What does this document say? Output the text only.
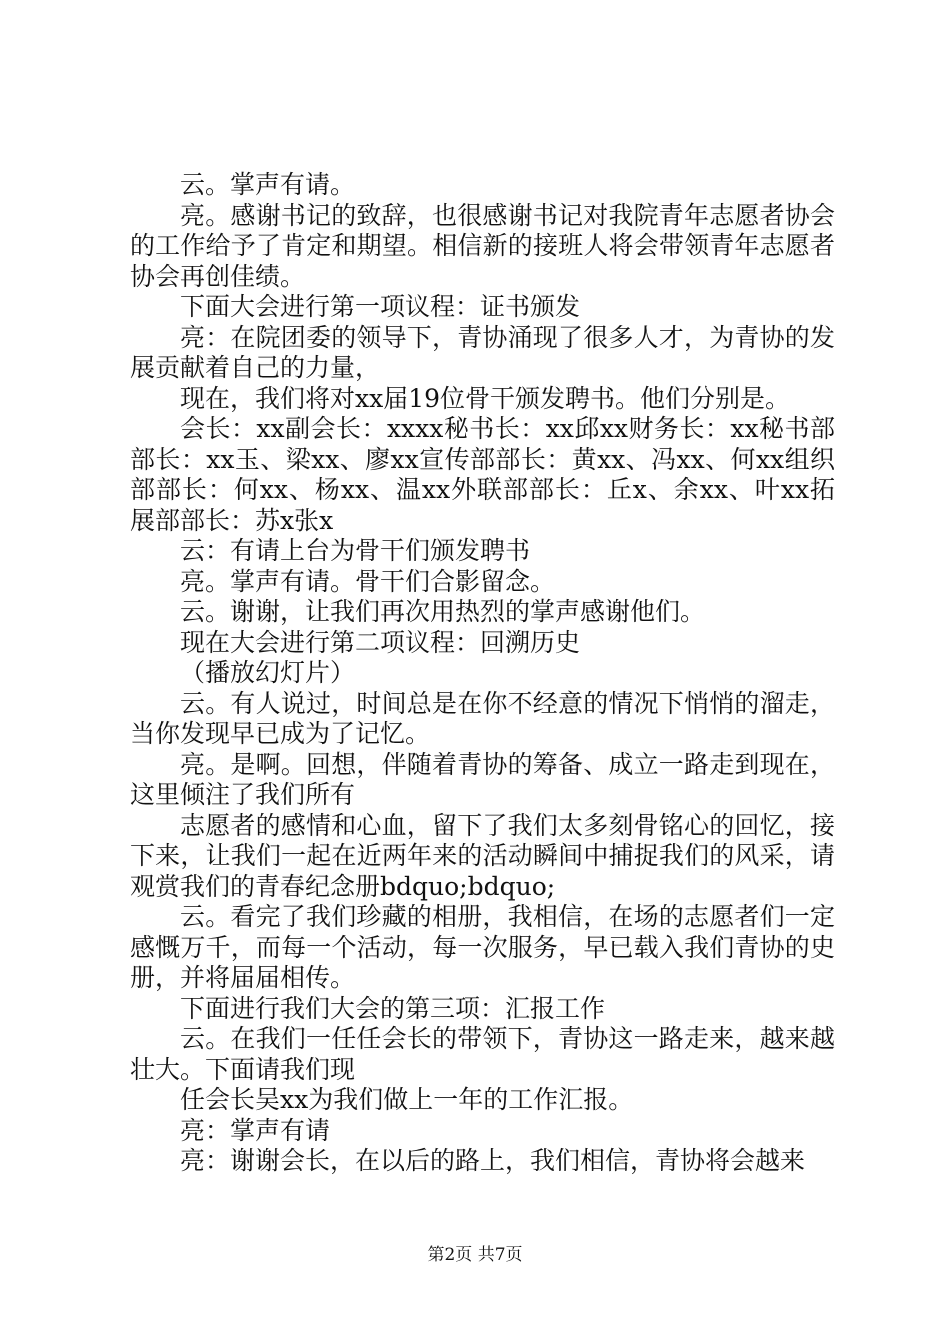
云。掌声有请。

亮。感谢书记的致辞，也很感谢书记对我院青年志愿者协会的工作给予了肯定和期望。相信新的接班人将会带领青年志愿者协会再创佳绩。

下面大会进行第一项议程：证书颁发

亮：在院团委的领导下，青协涌现了很多人才，为青协的发展贡献着自己的力量，

现在，我们将对xx届19位骨干颁发聘书。他们分别是。

会长：xx副会长：xxxx秘书长：xx邱xx财务长：xx秘书部部长：xx玉、梁xx、廖xx宣传部部长：黄xx、冯xx、何xx组织部部长：何xx、杨xx、温xx外联部部长：丘x、余xx、叶xx拓展部部长：苏x张x

云：有请上台为骨干们颁发聘书

亮。掌声有请。骨干们合影留念。

云。谢谢，让我们再次用热烈的掌声感谢他们。

现在大会进行第二项议程：回溯历史

（播放幻灯片）

云。有人说过，时间总是在你不经意的情况下悄悄的溜走，当你发现早已成为了记忆。

亮。是啊。回想，伴随着青协的筹备、成立一路走到现在，这里倾注了我们所有

志愿者的感情和心血，留下了我们太多刻骨铭心的回忆，接下来，让我们一起在近两年来的活动瞬间中捕捉我们的风采，请观赏我们的青春纪念册bdquo;bdquo;

云。看完了我们珍藏的相册，我相信，在场的志愿者们一定感慨万千，而每一个活动，每一次服务，早已载入我们青协的史册，并将届届相传。

下面进行我们大会的第三项：汇报工作

云。在我们一任任会长的带领下，青协这一路走来，越来越壮大。下面请我们现

任会长吴xx为我们做上一年的工作汇报。

亮：掌声有请

亮：谢谢会长，在以后的路上，我们相信，青协将会越来

第2页 共7页
